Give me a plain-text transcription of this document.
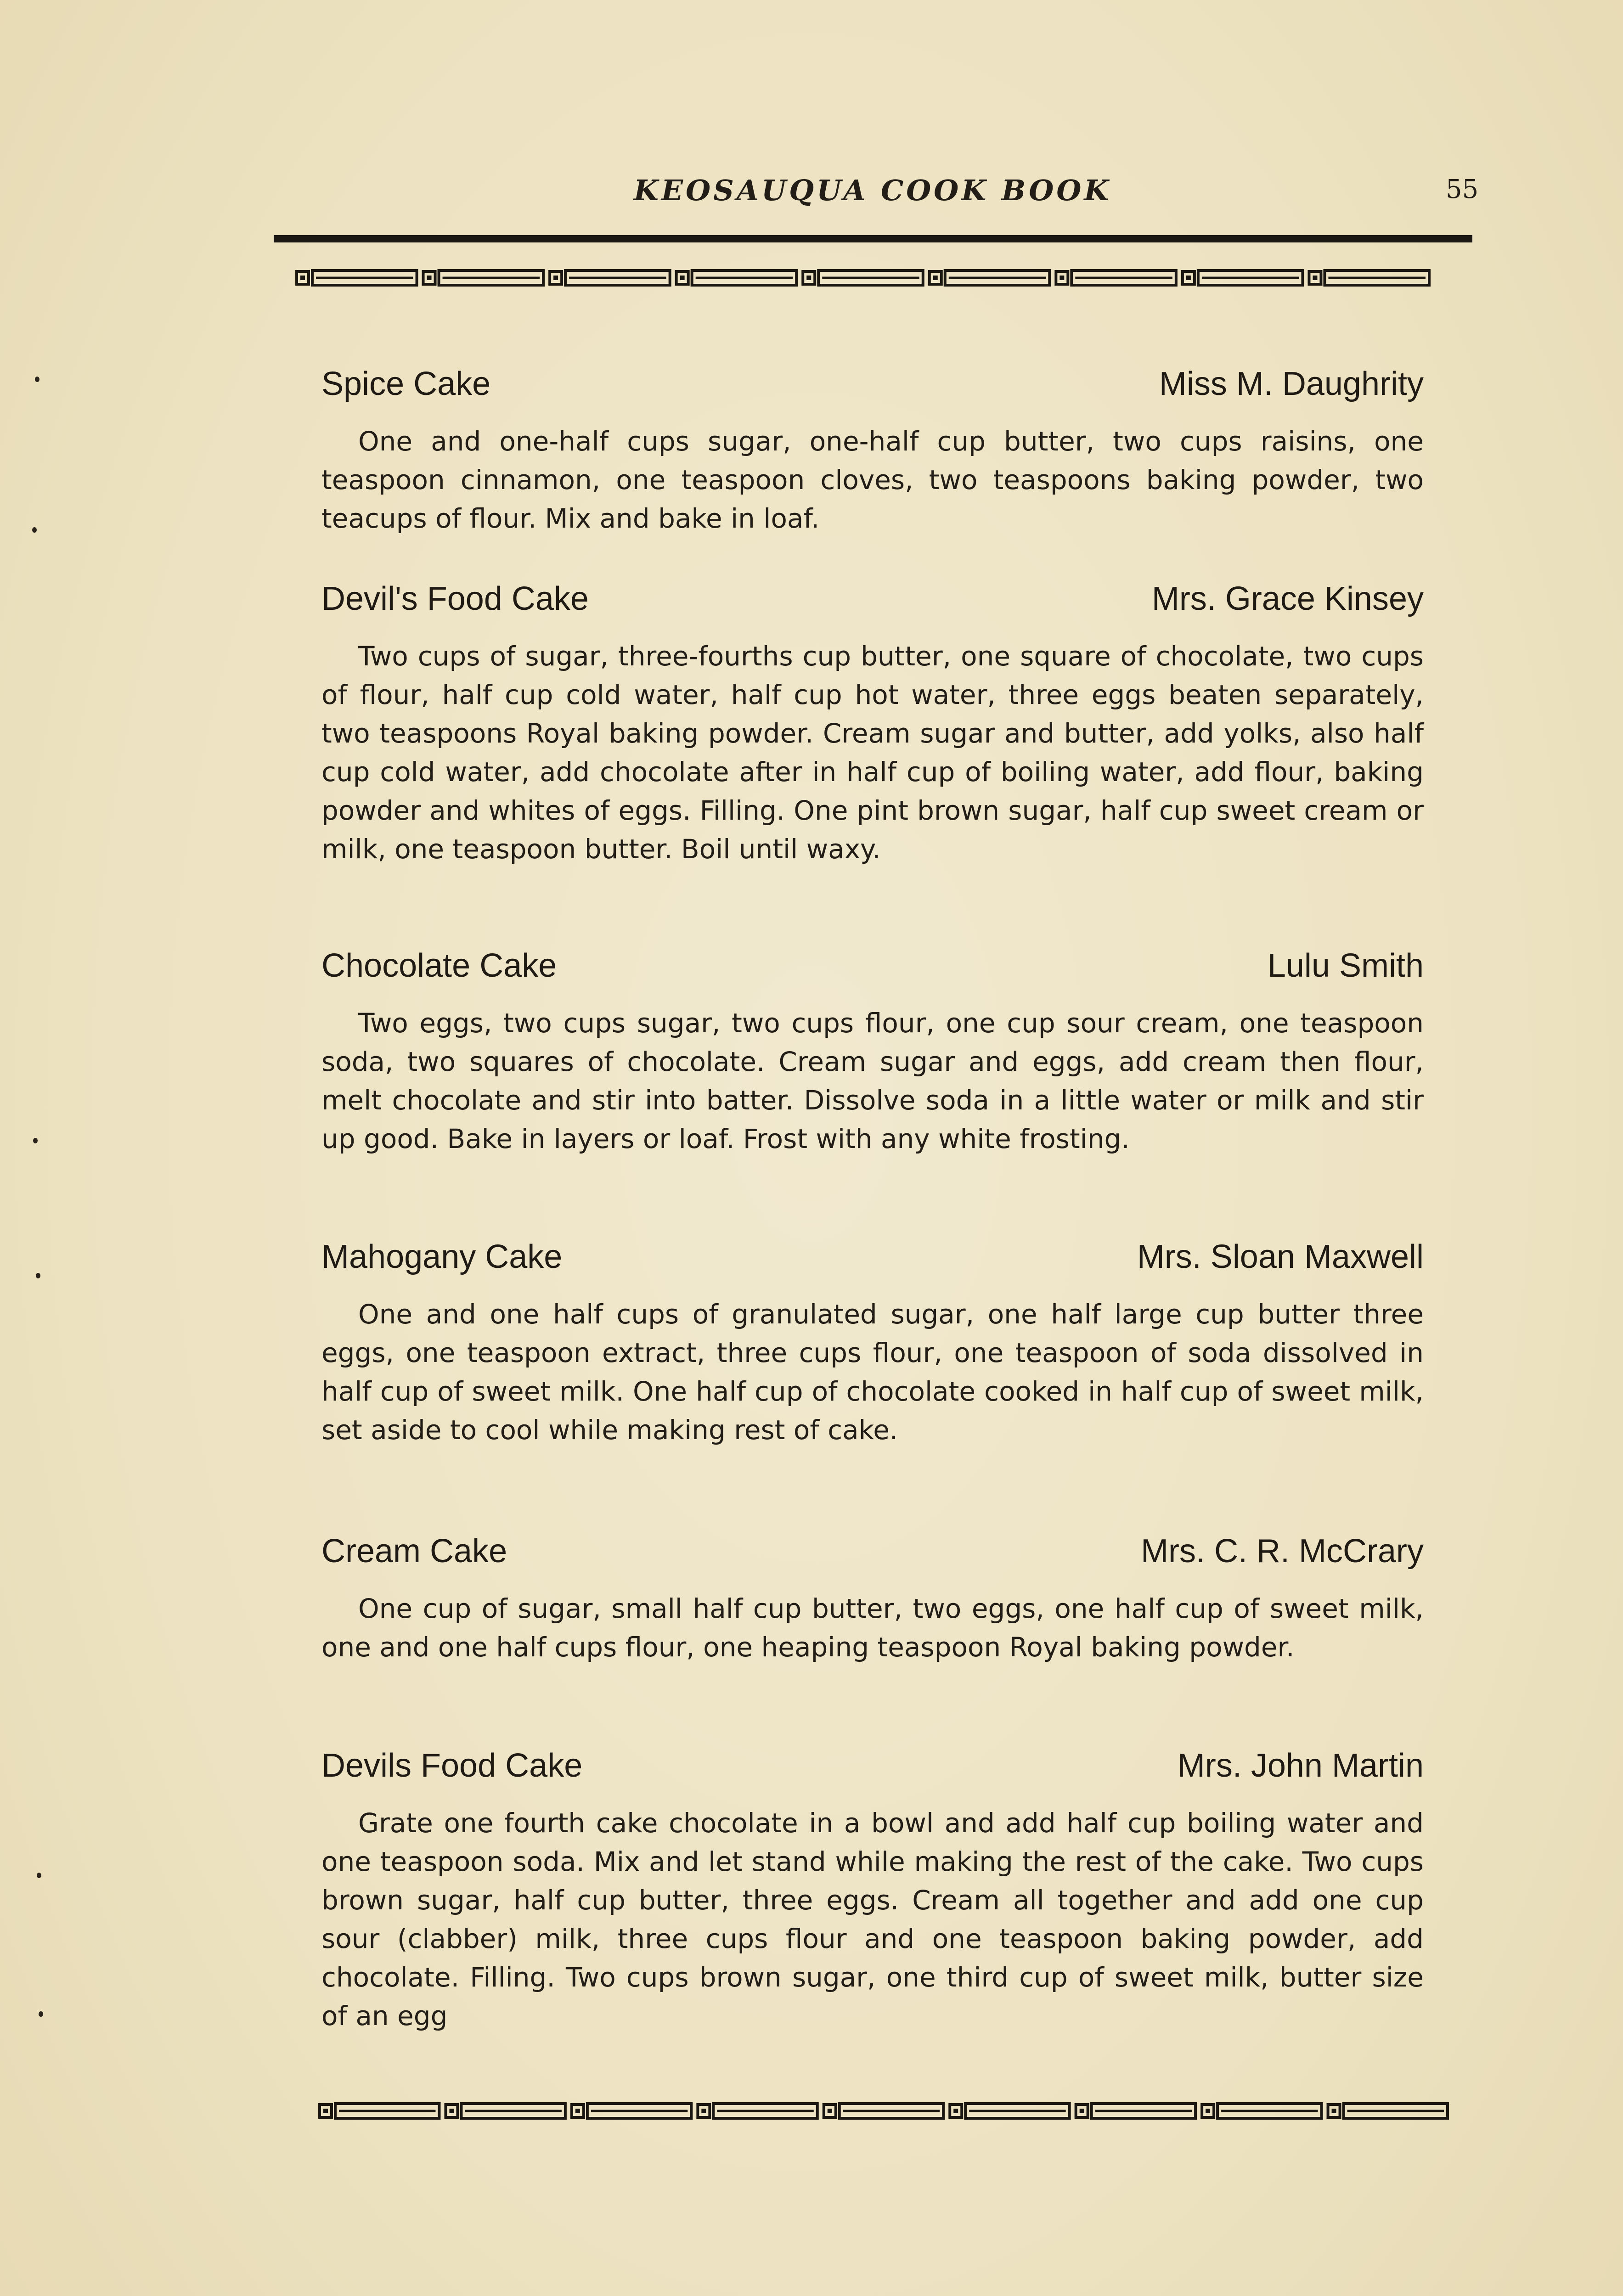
KEOSAUQUA COOK BOOK	55
Spice Cake	Miss M. Daughrity
One and one-half cups sugar, one-half cup butter, two cups raisins, one teaspoon cinnamon, one teaspoon cloves, two teaspoons baking powder, two teacups of flour. Mix and bake in loaf.
Devil's Food Cake	Mrs. Grace Kinsey
Two cups of sugar, three-fourths cup butter, one square of chocolate, two cups of flour, half cup cold water, half cup hot water, three eggs beaten separately, two teaspoons Royal baking powder. Cream sugar and butter, add yolks, also half cup cold water, add chocolate after in half cup of boiling water, add flour, baking powder and whites of eggs. Filling. One pint brown sugar, half cup sweet cream or milk, one teaspoon butter. Boil until waxy.
Chocolate Cake	Lulu Smith
Two eggs, two cups sugar, two cups flour, one cup sour cream, one teaspoon soda, two squares of chocolate. Cream sugar and eggs, add cream then flour, melt chocolate and stir into batter. Dissolve soda in a little water or milk and stir up good. Bake in layers or loaf. Frost with any white frosting.
Mahogany Cake	Mrs. Sloan Maxwell
One and one half cups of granulated sugar, one half large cup butter three eggs, one teaspoon extract, three cups flour, one teaspoon of soda dissolved in half cup of sweet milk. One half cup of chocolate cooked in half cup of sweet milk, set aside to cool while making rest of cake.
Cream Cake	Mrs. C. R. McCrary
One cup of sugar, small half cup butter, two eggs, one half cup of sweet milk, one and one half cups flour, one heaping teaspoon Royal baking powder.
Devils Food Cake	Mrs. John Martin
Grate one fourth cake chocolate in a bowl and add half cup boiling water and one teaspoon soda. Mix and let stand while making the rest of the cake. Two cups brown sugar, half cup butter, three eggs. Cream all together and add one cup sour (clabber) milk, three cups flour and one teaspoon baking powder, add chocolate. Filling. Two cups brown sugar, one third cup of sweet milk, butter size of an egg
